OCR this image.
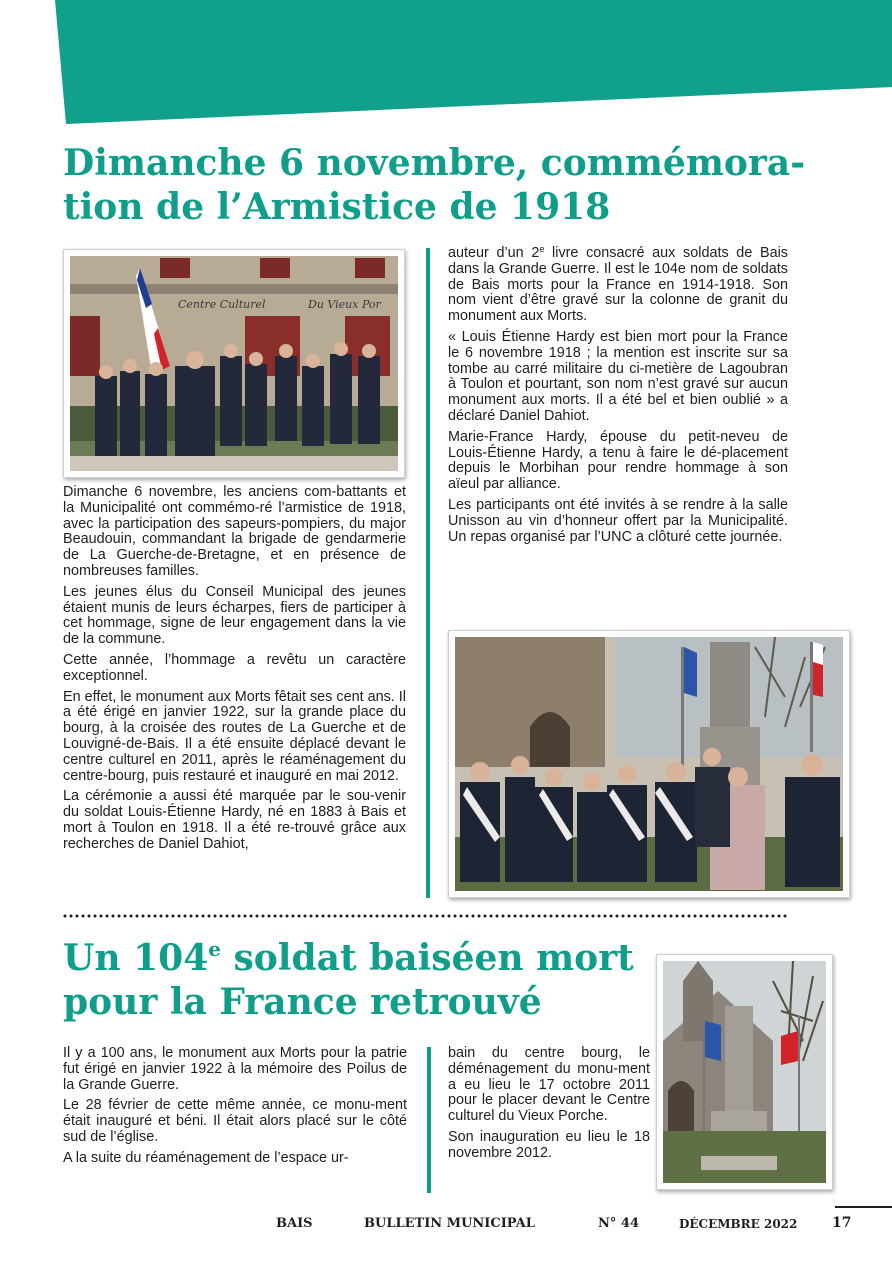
Dimanche 6 novembre, commémora-tion de l’Armistice de 1918
Centre Culturel	Du Vieux Por

Dimanche 6 novembre, les anciens com-battants et la Municipalité ont commémo-ré l’armistice de 1918, avec la participation des sapeurs-pompiers, du major Beaudouin, commandant la brigade de gendarmerie de La Guerche-de-Bretagne, et en présence de nombreuses familles.

Les jeunes élus du Conseil Municipal des jeunes étaient munis de leurs écharpes, fiers de participer à cet hommage, signe de leur engagement dans la vie de la commune.

Cette année, l’hommage a revêtu un caractère exceptionnel.

En effet, le monument aux Morts fêtait ses cent ans. Il a été érigé en janvier 1922, sur la grande place du bourg, à la croisée des routes de La Guerche et de Louvigné-de-Bais. Il a été ensuite déplacé devant le centre culturel en 2011, après le réaménagement du centre-bourg, puis restauré et inauguré en mai 2012.

La cérémonie a aussi été marquée par le sou-venir du soldat Louis-Étienne Hardy, né en 1883 à Bais et mort à Toulon en 1918. Il a été re-trouvé grâce aux recherches de Daniel Dahiot,

auteur d’un 2e livre consacré aux soldats de Bais dans la Grande Guerre. Il est le 104e nom de soldats de Bais morts pour la France en 1914-1918. Son nom vient d’être gravé sur la colonne de granit du monument aux Morts.

« Louis Étienne Hardy est bien mort pour la France le 6 novembre 1918 ; la mention est inscrite sur sa tombe au carré militaire du ci-metière de Lagoubran à Toulon et pourtant, son nom n’est gravé sur aucun monument aux morts. Il a été bel et bien oublié » a déclaré Daniel Dahiot.

Marie-France Hardy, épouse du petit-neveu de Louis-Étienne Hardy, a tenu à faire le dé-placement depuis le Morbihan pour rendre hommage à son aïeul par alliance.

Les participants ont été invités à se rendre à la salle Unisson au vin d’honneur offert par la Municipalité. Un repas organisé par l’UNC a clôturé cette journée.

Un 104e soldat baiséen mort pour la France retrouvé

Il y a 100 ans, le monument aux Morts pour la patrie fut érigé en janvier 1922 à la mémoire des Poilus de la Grande Guerre.

Le 28 février de cette même année, ce monu-ment était inauguré et béni. Il était alors placé sur le côté sud de l’église.

A la suite du réaménagement de l’espace ur-

bain du centre bourg, le déménagement du monu-ment a eu lieu le 17 octobre 2011 pour le placer devant le Centre culturel du Vieux Porche.

Son inauguration eu lieu le 18 novembre 2012.

BAIS	BULLETIN MUNICIPAL	N° 44	DÉCEMBRE 2022 17
